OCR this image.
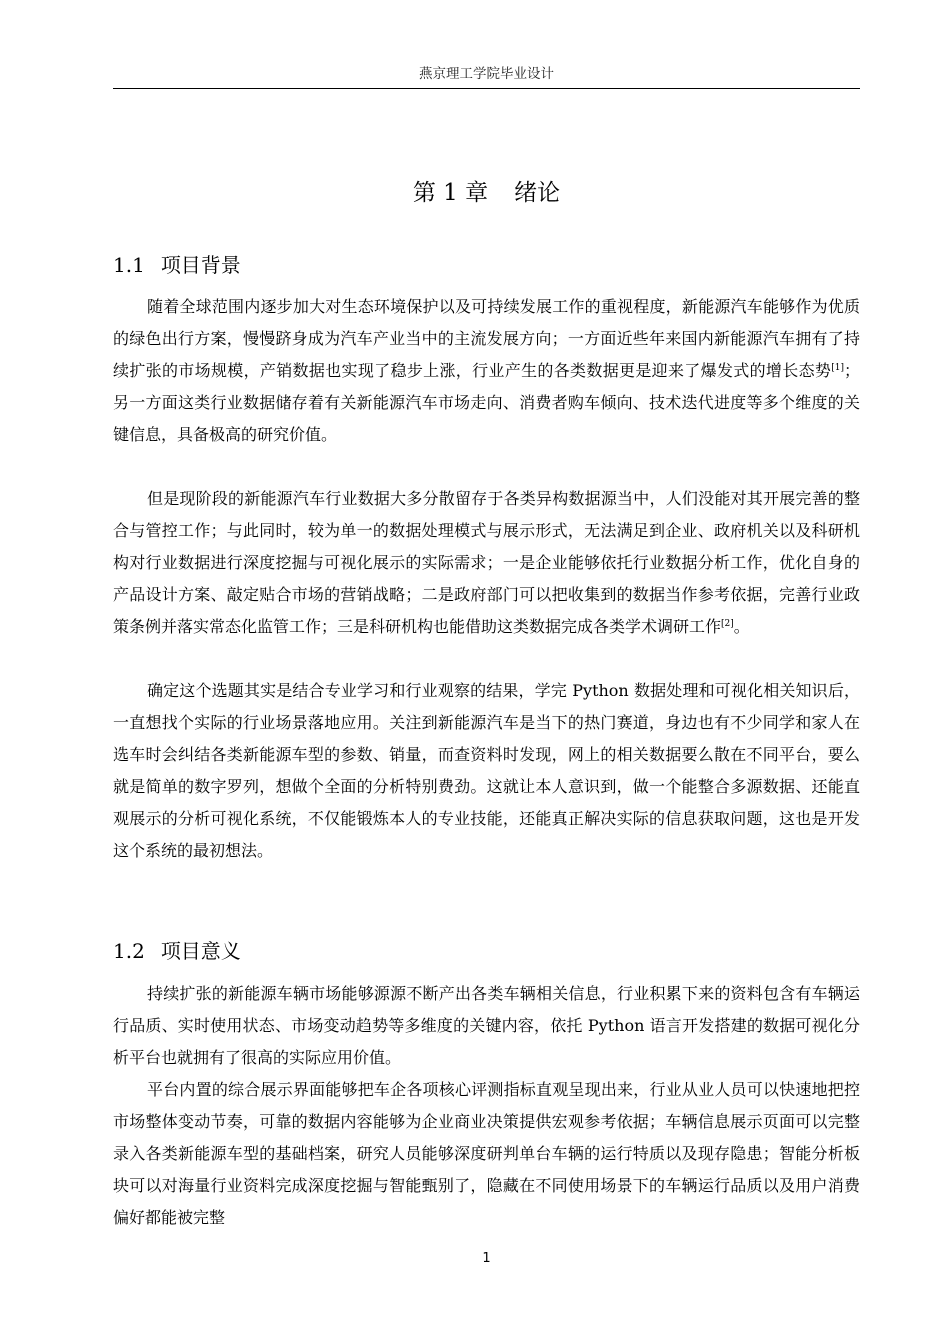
燕京理工学院毕业设计
第 1 章 绪论
1.1 项目背景

随着全球范围内逐步加大对生态环境保护以及可持续发展工作的重视程度，新能源汽车能够作为优质的绿色出行方案，慢慢跻身成为汽车产业当中的主流发展方向；一方面近些年来国内新能源汽车拥有了持续扩张的市场规模，产销数据也实现了稳步上涨，行业产生的各类数据更是迎来了爆发式的增长态势[1]；另一方面这类行业数据储存着有关新能源汽车市场走向、消费者购车倾向、技术迭代进度等多个维度的关键信息，具备极高的研究价值。

但是现阶段的新能源汽车行业数据大多分散留存于各类异构数据源当中，人们没能对其开展完善的整合与管控工作；与此同时，较为单一的数据处理模式与展示形式，无法满足到企业、政府机关以及科研机构对行业数据进行深度挖掘与可视化展示的实际需求；一是企业能够依托行业数据分析工作，优化自身的产品设计方案、敲定贴合市场的营销战略；二是政府部门可以把收集到的数据当作参考依据，完善行业政策条例并落实常态化监管工作；三是科研机构也能借助这类数据完成各类学术调研工作[2]。

确定这个选题其实是结合专业学习和行业观察的结果，学完 Python 数据处理和可视化相关知识后，一直想找个实际的行业场景落地应用。关注到新能源汽车是当下的热门赛道，身边也有不少同学和家人在选车时会纠结各类新能源车型的参数、销量，而查资料时发现，网上的相关数据要么散在不同平台，要么就是简单的数字罗列，想做个全面的分析特别费劲。这就让本人意识到，做一个能整合多源数据、还能直观展示的分析可视化系统，不仅能锻炼本人的专业技能，还能真正解决实际的信息获取问题，这也是开发这个系统的最初想法。

1.2 项目意义

持续扩张的新能源车辆市场能够源源不断产出各类车辆相关信息，行业积累下来的资料包含有车辆运行品质、实时使用状态、市场变动趋势等多维度的关键内容，依托 Python 语言开发搭建的数据可视化分析平台也就拥有了很高的实际应用价值。

平台内置的综合展示界面能够把车企各项核心评测指标直观呈现出来，行业从业人员可以快速地把控市场整体变动节奏，可靠的数据内容能够为企业商业决策提供宏观参考依据；车辆信息展示页面可以完整录入各类新能源车型的基础档案，研究人员能够深度研判单台车辆的运行特质以及现存隐患；智能分析板块可以对海量行业资料完成深度挖掘与智能甄别了，隐藏在不同使用场景下的车辆运行品质以及用户消费偏好都能被完整

1
